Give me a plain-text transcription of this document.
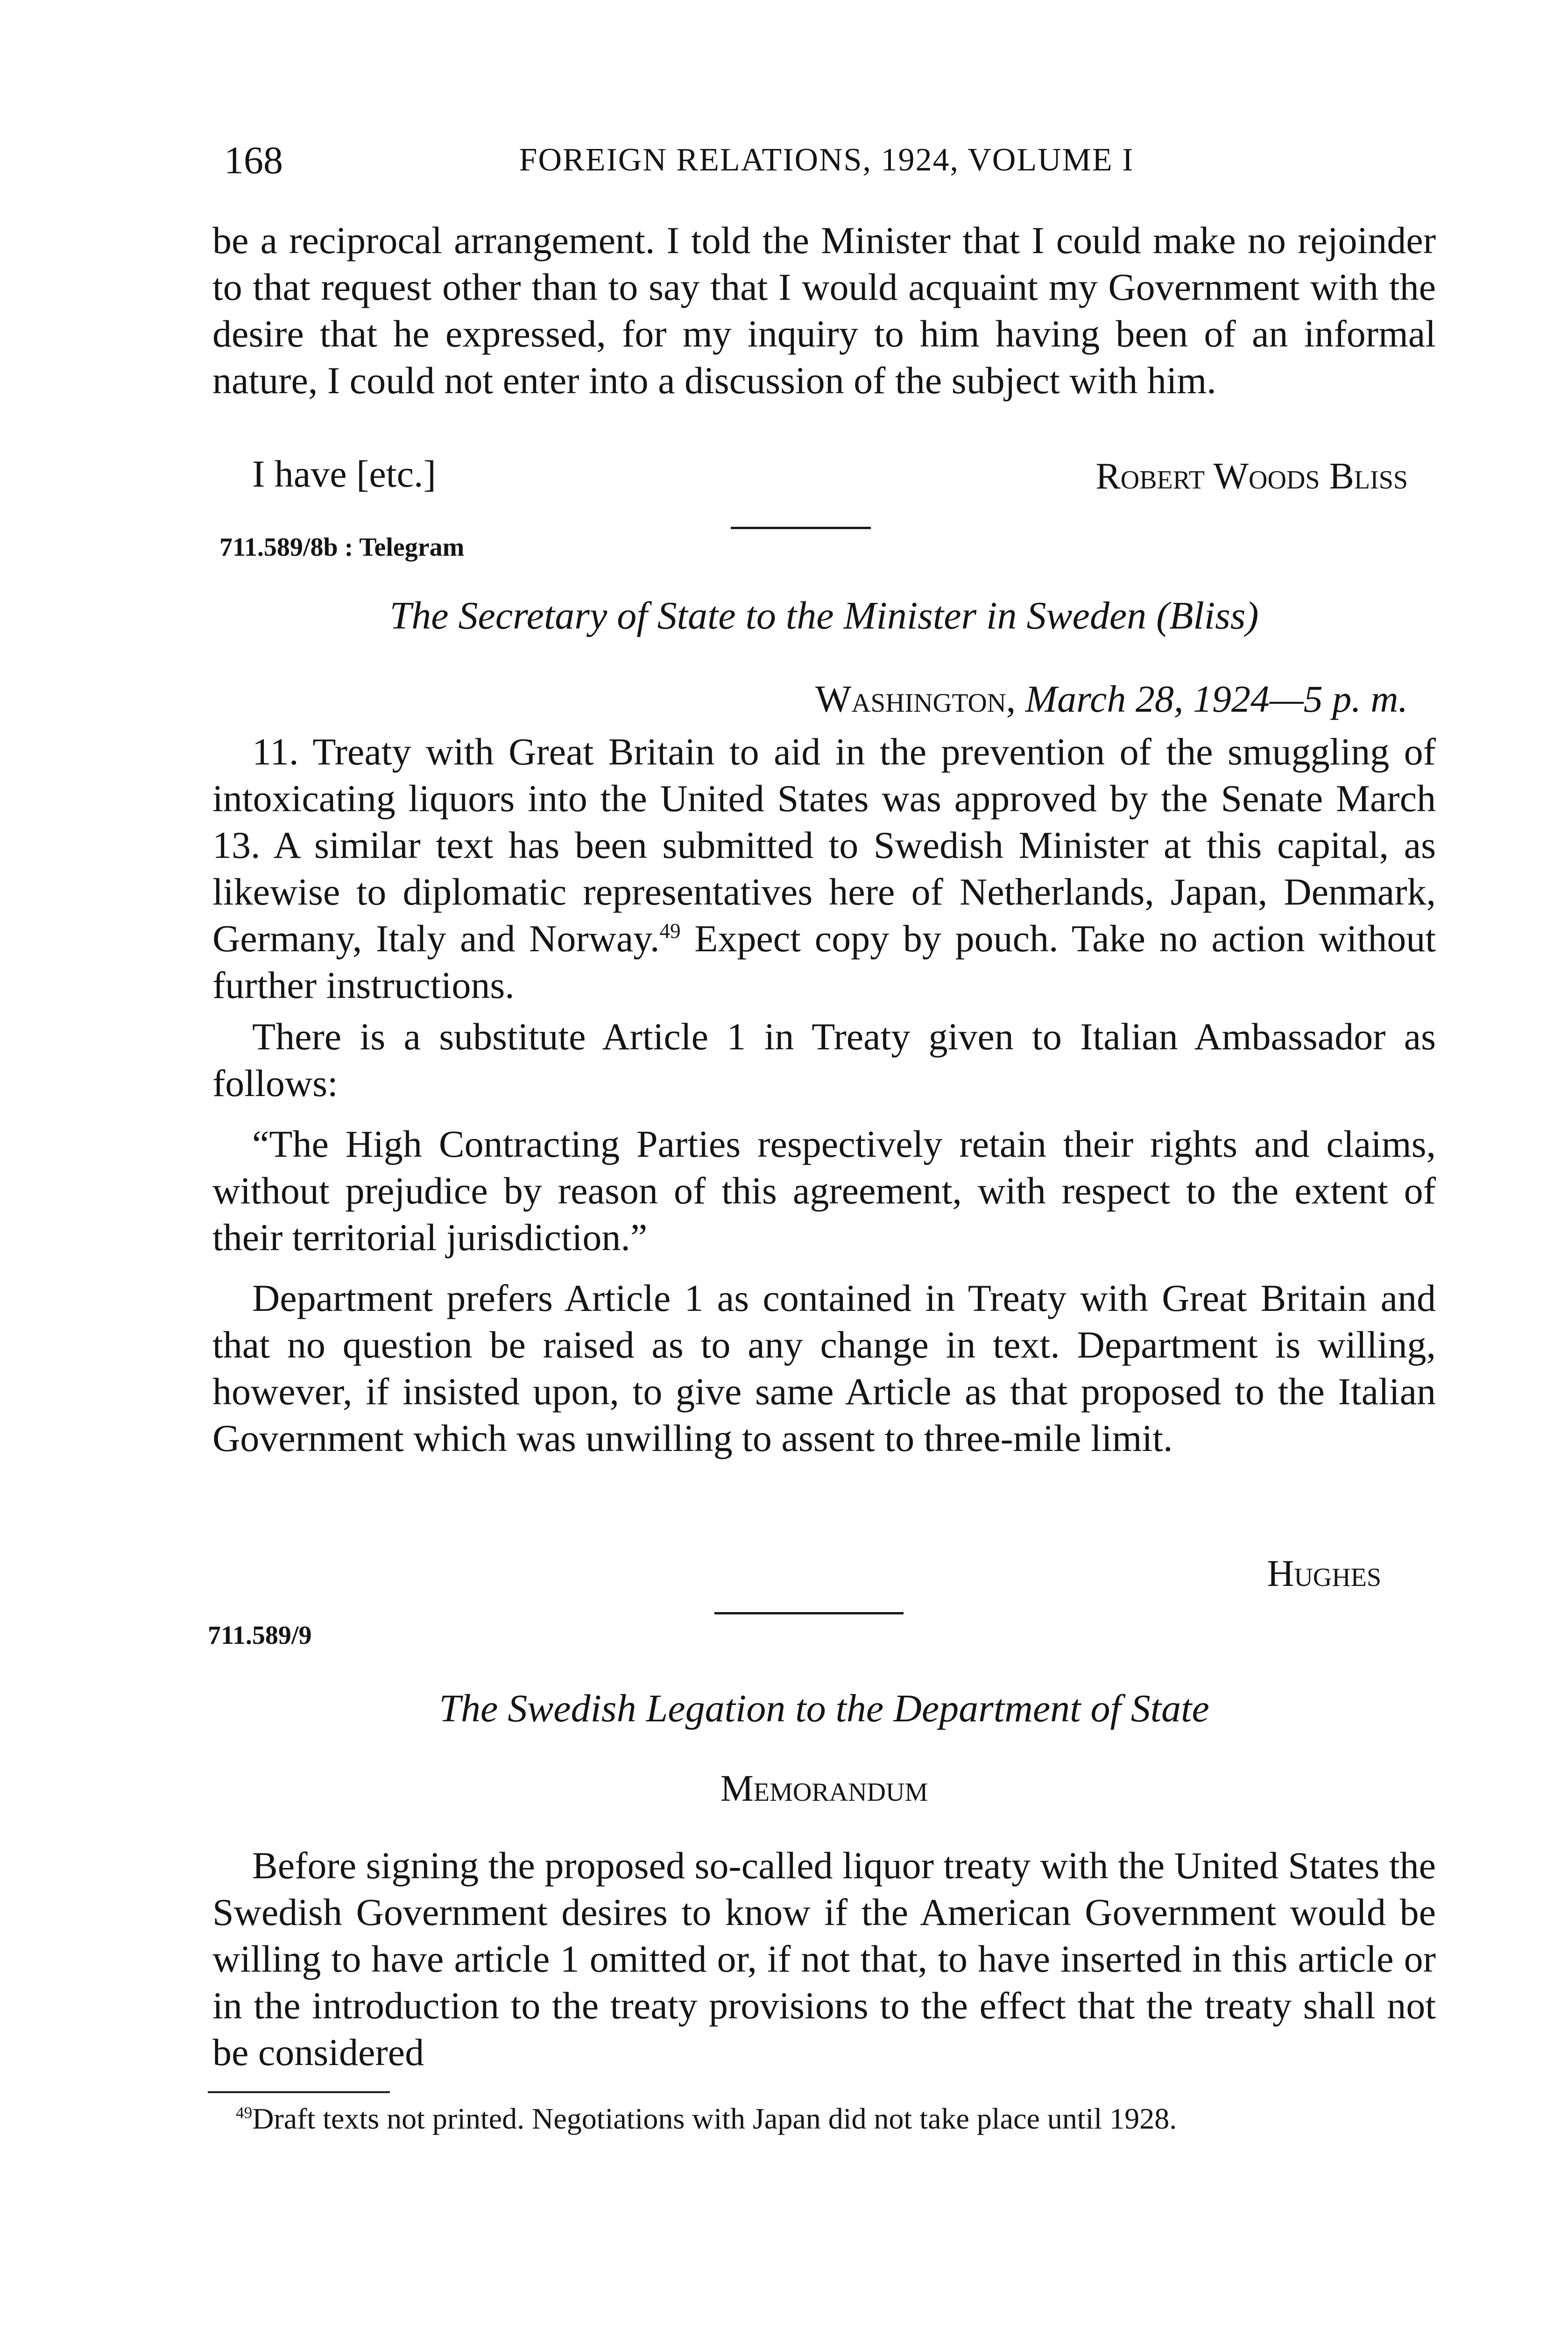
168	FOREIGN RELATIONS, 1924, VOLUME I

be a reciprocal arrangement. I told the Minister that I could make no rejoinder to that request other than to say that I would acquaint my Government with the desire that he expressed, for my inquiry to him having been of an informal nature, I could not enter into a discussion of the subject with him.

I have [etc.]	Robert Woods Bliss
711.589/8b : Telegram
The Secretary of State to the Minister in Sweden (Bliss)
Washington, March 28, 1924—5 p. m.

11. Treaty with Great Britain to aid in the prevention of the smuggling of intoxicating liquors into the United States was approved by the Senate March 13. A similar text has been submitted to Swedish Minister at this capital, as likewise to diplomatic representatives here of Netherlands, Japan, Denmark, Germany, Italy and Norway.$^{49}$ Expect copy by pouch. Take no action without further instructions.

There is a substitute Article 1 in Treaty given to Italian Ambassador as follows:

“The High Contracting Parties respectively retain their rights and claims, without prejudice by reason of this agreement, with respect to the extent of their territorial jurisdiction.”

Department prefers Article 1 as contained in Treaty with Great Britain and that no question be raised as to any change in text. Department is willing, however, if insisted upon, to give same Article as that proposed to the Italian Government which was unwilling to assent to three-mile limit.

Hughes
711.589/9
The Swedish Legation to the Department of State
Memorandum

Before signing the proposed so-called liquor treaty with the United States the Swedish Government desires to know if the American Government would be willing to have article 1 omitted or, if not that, to have inserted in this article or in the introduction to the treaty provisions to the effect that the treaty shall not be considered

$^{49}$Draft texts not printed. Negotiations with Japan did not take place until 1928.
